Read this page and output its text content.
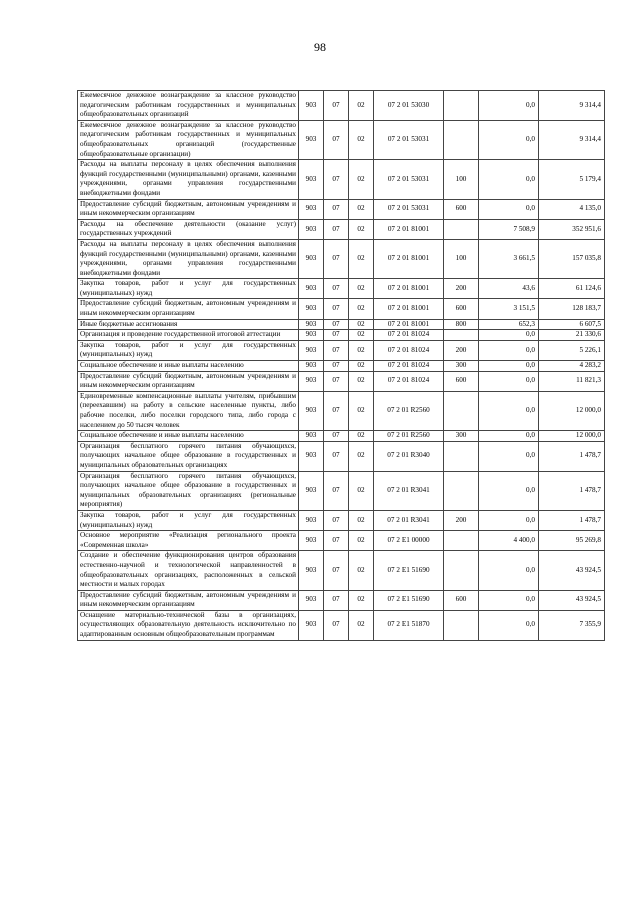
98
Ежемесячное денежное вознаграждение за классное руководство педагогическим работникам государственных и муниципальных общеобразовательных организаций	903	07	02	07 2 01 53030		0,0	9 314,4
Ежемесячное денежное вознаграждение за классное руководство педагогическим работникам государственных и муниципальных общеобразовательных организаций (государственные общеобразовательные организации)	903	07	02	07 2 01 53031		0,0	9 314,4
Расходы на выплаты персоналу в целях обеспечения выполнения функций государственными (муниципальными) органами, казенными учреждениями, органами управления государственными внебюджетными фондами	903	07	02	07 2 01 53031	100	0,0	5 179,4
Предоставление субсидий бюджетным, автономным учреждениям и иным некоммерческим организациям	903	07	02	07 2 01 53031	600	0,0	4 135,0
Расходы на обеспечение деятельности (оказание услуг) государственных учреждений	903	07	02	07 2 01 81001		7 508,9	352 951,6
Расходы на выплаты персоналу в целях обеспечения выполнения функций государственными (муниципальными) органами, казенными учреждениями, органами управления государственными внебюджетными фондами	903	07	02	07 2 01 81001	100	3 661,5	157 035,8
Закупка товаров, работ и услуг для государственных (муниципальных) нужд	903	07	02	07 2 01 81001	200	43,6	61 124,6
Предоставление субсидий бюджетным, автономным учреждениям и иным некоммерческим организациям	903	07	02	07 2 01 81001	600	3 151,5	128 183,7
Иные бюджетные ассигнования	903	07	02	07 2 01 81001	800	652,3	6 607,5
Организация и проведение государственной итоговой аттестации	903	07	02	07 2 01 81024		0,0	21 330,6
Закупка товаров, работ и услуг для государственных (муниципальных) нужд	903	07	02	07 2 01 81024	200	0,0	5 226,1
Социальное обеспечение и иные выплаты населению	903	07	02	07 2 01 81024	300	0,0	4 283,2
Предоставление субсидий бюджетным, автономным учреждениям и иным некоммерческим организациям	903	07	02	07 2 01 81024	600	0,0	11 821,3
Единовременные компенсационные выплаты учителям, прибывшим (переехавшим) на работу в сельские населенные пункты, либо рабочие поселки, либо поселки городского типа, либо города с населением до 50 тысяч человек	903	07	02	07 2 01 R2560		0,0	12 000,0
Социальное обеспечение и иные выплаты населению	903	07	02	07 2 01 R2560	300	0,0	12 000,0
Организация бесплатного горячего питания обучающихся, получающих начальное общее образование в государственных и муниципальных образовательных организациях	903	07	02	07 2 01 R3040		0,0	1 478,7
Организация бесплатного горячего питания обучающихся, получающих начальное общее образование в государственных и муниципальных образовательных организациях (региональные мероприятия)	903	07	02	07 2 01 R3041		0,0	1 478,7
Закупка товаров, работ и услуг для государственных (муниципальных) нужд	903	07	02	07 2 01 R3041	200	0,0	1 478,7
Основное мероприятие «Реализация регионального проекта «Современная школа»	903	07	02	07 2 E1 00000		4 400,0	95 269,8
Создание и обеспечение функционирования центров образования естественно-научной и технологической направленностей в общеобразовательных организациях, расположенных в сельской местности и малых городах	903	07	02	07 2 E1 51690		0,0	43 924,5
Предоставление субсидий бюджетным, автономным учреждениям и иным некоммерческим организациям	903	07	02	07 2 E1 51690	600	0,0	43 924,5
Оснащение материально-технической базы в организациях, осуществляющих образовательную деятельность исключительно по адаптированным основным общеобразовательным программам	903	07	02	07 2 E1 51870		0,0	7 355,9
